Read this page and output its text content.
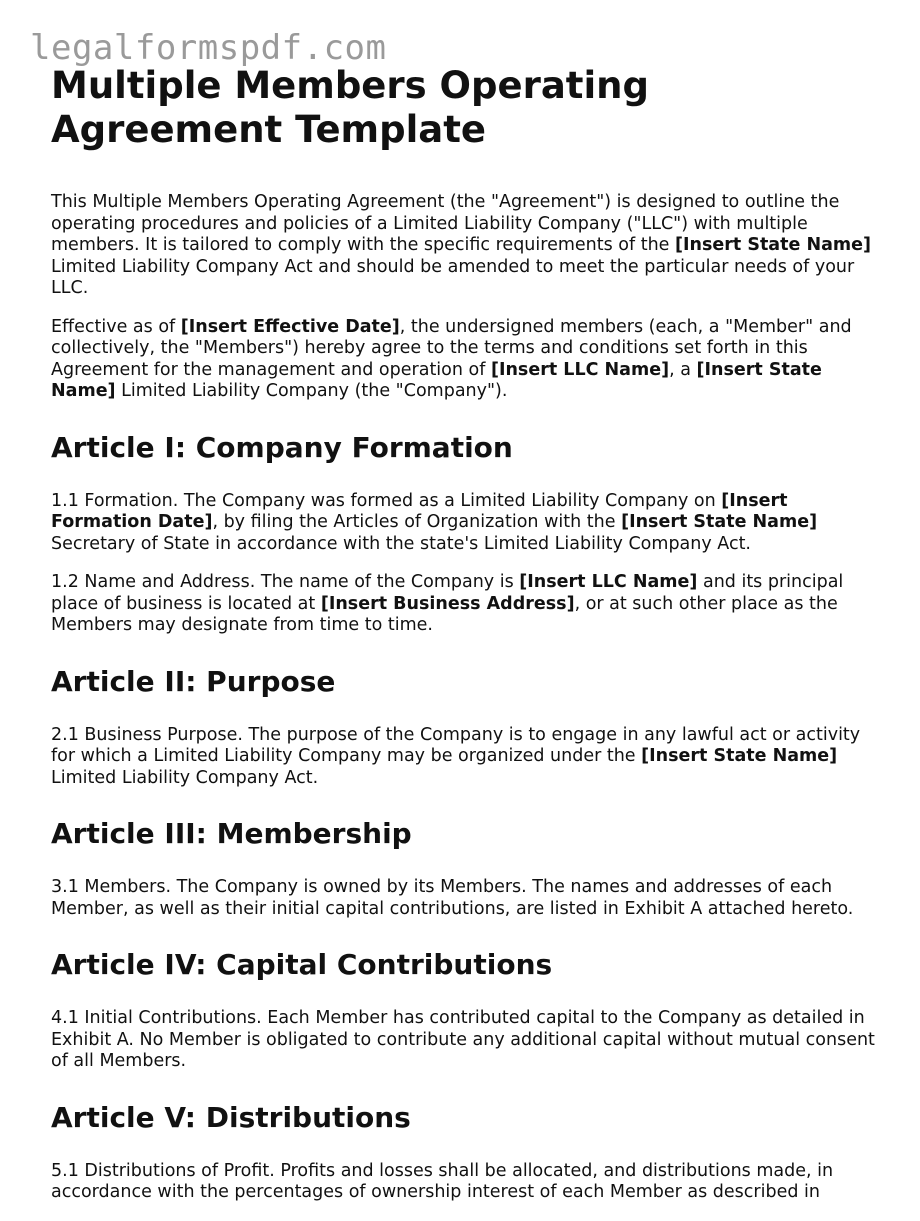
legalformspdf.com
Multiple Members Operating Agreement Template

This Multiple Members Operating Agreement (the "Agreement") is designed to outline the operating procedures and policies of a Limited Liability Company ("LLC") with multiple members. It is tailored to comply with the specific requirements of the [Insert State Name] Limited Liability Company Act and should be amended to meet the particular needs of your LLC.

Effective as of [Insert Effective Date], the undersigned members (each, a "Member" and collectively, the "Members") hereby agree to the terms and conditions set forth in this Agreement for the management and operation of [Insert LLC Name], a [Insert State Name] Limited Liability Company (the "Company").

Article I: Company Formation

1.1 Formation. The Company was formed as a Limited Liability Company on [Insert Formation Date], by filing the Articles of Organization with the [Insert State Name] Secretary of State in accordance with the state's Limited Liability Company Act.

1.2 Name and Address. The name of the Company is [Insert LLC Name] and its principal place of business is located at [Insert Business Address], or at such other place as the Members may designate from time to time.

Article II: Purpose

2.1 Business Purpose. The purpose of the Company is to engage in any lawful act or activity for which a Limited Liability Company may be organized under the [Insert State Name] Limited Liability Company Act.

Article III: Membership

3.1 Members. The Company is owned by its Members. The names and addresses of each Member, as well as their initial capital contributions, are listed in Exhibit A attached hereto.

Article IV: Capital Contributions

4.1 Initial Contributions. Each Member has contributed capital to the Company as detailed in Exhibit A. No Member is obligated to contribute any additional capital without mutual consent of all Members.

Article V: Distributions

5.1 Distributions of Profit. Profits and losses shall be allocated, and distributions made, in accordance with the percentages of ownership interest of each Member as described in
